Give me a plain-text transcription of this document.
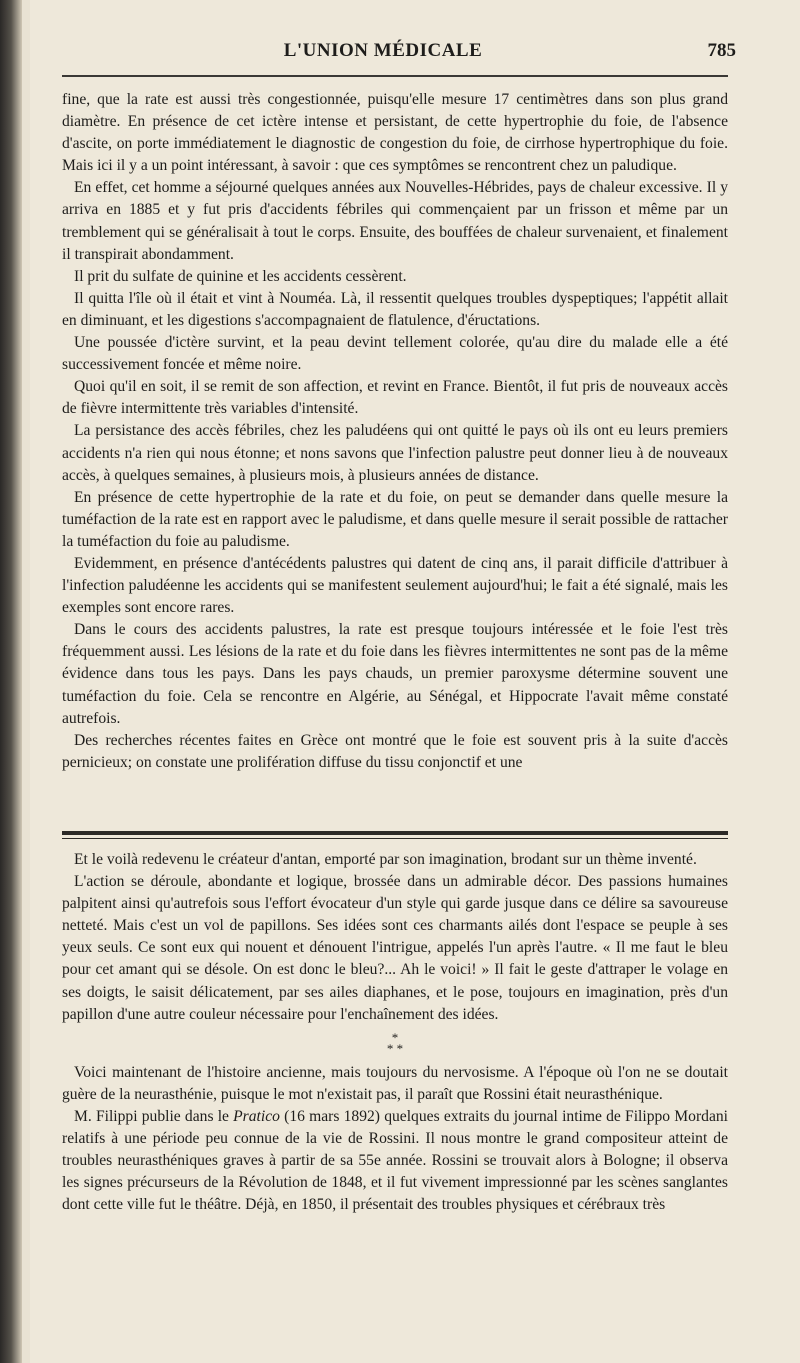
L'UNION MÉDICALE	785

fine, que la rate est aussi très congestionnée, puisqu'elle mesure 17 centimètres dans son plus grand diamètre. En présence de cet ictère intense et persistant, de cette hypertrophie du foie, de l'absence d'ascite, on porte immédiatement le diagnostic de congestion du foie, de cirrhose hypertrophique du foie. Mais ici il y a un point intéressant, à savoir : que ces symptômes se rencontrent chez un paludique.

En effet, cet homme a séjourné quelques années aux Nouvelles-Hébrides, pays de chaleur excessive. Il y arriva en 1885 et y fut pris d'accidents fébriles qui commençaient par un frisson et même par un tremblement qui se généralisait à tout le corps. Ensuite, des bouffées de chaleur survenaient, et finalement il transpirait abondamment.

Il prit du sulfate de quinine et les accidents cessèrent.

Il quitta l'île où il était et vint à Nouméa. Là, il ressentit quelques troubles dyspeptiques; l'appétit allait en diminuant, et les digestions s'accompagnaient de flatulence, d'éructations.

Une poussée d'ictère survint, et la peau devint tellement colorée, qu'au dire du malade elle a été successivement foncée et même noire.

Quoi qu'il en soit, il se remit de son affection, et revint en France. Bientôt, il fut pris de nouveaux accès de fièvre intermittente très variables d'intensité.

La persistance des accès fébriles, chez les paludéens qui ont quitté le pays où ils ont eu leurs premiers accidents n'a rien qui nous étonne; et nons savons que l'infection palustre peut donner lieu à de nouveaux accès, à quelques semaines, à plusieurs mois, à plusieurs années de distance.

En présence de cette hypertrophie de la rate et du foie, on peut se demander dans quelle mesure la tuméfaction de la rate est en rapport avec le paludisme, et dans quelle mesure il serait possible de rattacher la tuméfaction du foie au paludisme.

Evidemment, en présence d'antécédents palustres qui datent de cinq ans, il parait difficile d'attribuer à l'infection paludéenne les accidents qui se manifestent seulement aujourd'hui; le fait a été signalé, mais les exemples sont encore rares.

Dans le cours des accidents palustres, la rate est presque toujours intéressée et le foie l'est très fréquemment aussi. Les lésions de la rate et du foie dans les fièvres intermittentes ne sont pas de la même évidence dans tous les pays. Dans les pays chauds, un premier paroxysme détermine souvent une tuméfaction du foie. Cela se rencontre en Algérie, au Sénégal, et Hippocrate l'avait même constaté autrefois.

Des recherches récentes faites en Grèce ont montré que le foie est souvent pris à la suite d'accès pernicieux; on constate une prolifération diffuse du tissu conjonctif et une

Et le voilà redevenu le créateur d'antan, emporté par son imagination, brodant sur un thème inventé.

L'action se déroule, abondante et logique, brossée dans un admirable décor. Des passions humaines palpitent ainsi qu'autrefois sous l'effort évocateur d'un style qui garde jusque dans ce délire sa savoureuse netteté. Mais c'est un vol de papillons. Ses idées sont ces charmants ailés dont l'espace se peuple à ses yeux seuls. Ce sont eux qui nouent et dénouent l'intrigue, appelés l'un après l'autre. « Il me faut le bleu pour cet amant qui se désole. On est donc le bleu?... Ah le voici! » Il fait le geste d'attraper le volage en ses doigts, le saisit délicatement, par ses ailes diaphanes, et le pose, toujours en imagination, près d'un papillon d'une autre couleur nécessaire pour l'enchaînement des idées.

*
* *

Voici maintenant de l'histoire ancienne, mais toujours du nervosisme. A l'époque où l'on ne se doutait guère de la neurasthénie, puisque le mot n'existait pas, il paraît que Rossini était neurasthénique.

M. Filippi publie dans le Pratico (16 mars 1892) quelques extraits du journal intime de Filippo Mordani relatifs à une période peu connue de la vie de Rossini. Il nous montre le grand compositeur atteint de troubles neurasthéniques graves à partir de sa 55e année. Rossini se trouvait alors à Bologne; il observa les signes précurseurs de la Révolution de 1848, et il fut vivement impressionné par les scènes sanglantes dont cette ville fut le théâtre. Déjà, en 1850, il présentait des troubles physiques et cérébraux très
